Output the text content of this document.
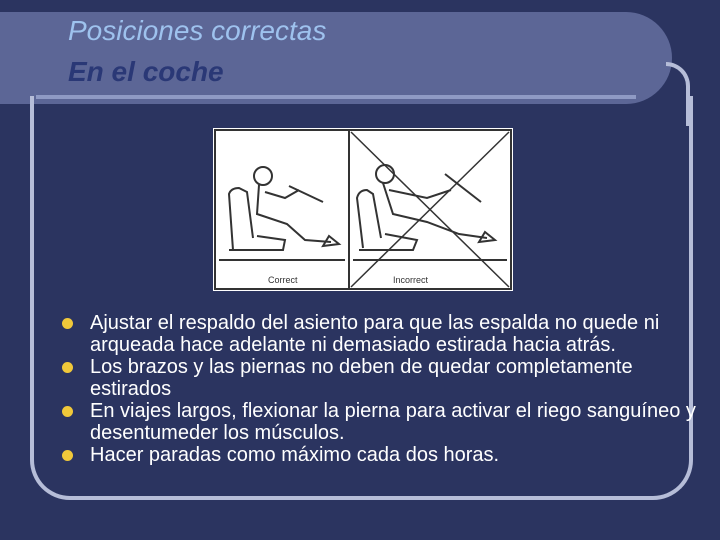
Posiciones correctas
En el coche
Correct	Incorrect
Ajustar el respaldo del asiento para que las espalda no quede ni arqueada hace adelante ni demasiado estirada hacia atrás.
Los brazos y las piernas no deben de quedar completamente estirados
En viajes largos, flexionar la pierna para activar el riego sanguíneo y desentumeder los músculos.
Hacer paradas como máximo cada dos horas.
